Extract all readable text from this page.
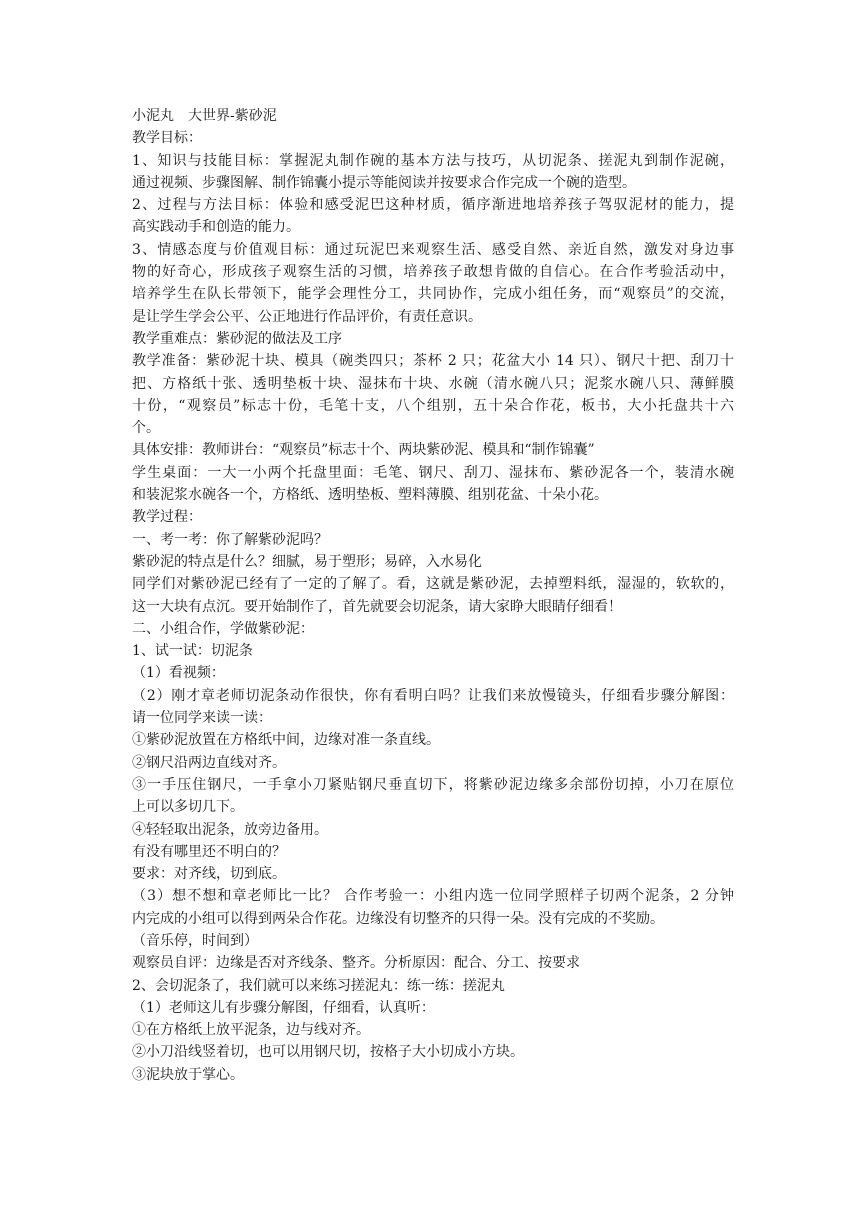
小泥丸 大世界-紫砂泥

教学目标：

1、知识与技能目标：掌握泥丸制作碗的基本方法与技巧，从切泥条、搓泥丸到制作泥碗，

通过视频、步骤图解、制作锦囊小提示等能阅读并按要求合作完成一个碗的造型。

2、过程与方法目标：体验和感受泥巴这种材质，循序渐进地培养孩子驾驭泥材的能力，提

高实践动手和创造的能力。

3、情感态度与价值观目标：通过玩泥巴来观察生活、感受自然、亲近自然，激发对身边事

物的好奇心，形成孩子观察生活的习惯，培养孩子敢想肯做的自信心。在合作考验活动中，

培养学生在队长带领下，能学会理性分工，共同协作，完成小组任务，而“观察员”的交流，

是让学生学会公平、公正地进行作品评价，有责任意识。

教学重难点：紫砂泥的做法及工序

教学准备：紫砂泥十块、模具（碗类四只；茶杯 2 只；花盆大小 14 只）、钢尺十把、刮刀十

把、方格纸十张、透明垫板十块、湿抹布十块、水碗（清水碗八只；泥浆水碗八只、薄鲜膜

十份，“观察员”标志十份，毛笔十支，八个组别，五十朵合作花，板书，大小托盘共十六

个。

具体安排：教师讲台：“观察员”标志十个、两块紫砂泥、模具和“制作锦囊”

学生桌面：一大一小两个托盘里面：毛笔、钢尺、刮刀、湿抹布、紫砂泥各一个，装清水碗

和装泥浆水碗各一个，方格纸、透明垫板、塑料薄膜、组别花盆、十朵小花。

教学过程：

一、考一考：你了解紫砂泥吗？

紫砂泥的特点是什么？细腻，易于塑形；易碎，入水易化

同学们对紫砂泥已经有了一定的了解了。看，这就是紫砂泥，去掉塑料纸，湿湿的，软软的，

这一大块有点沉。要开始制作了，首先就要会切泥条，请大家睁大眼睛仔细看！

二、小组合作，学做紫砂泥：

1、试一试：切泥条

（1）看视频：

（2）刚才章老师切泥条动作很快，你有看明白吗？让我们来放慢镜头，仔细看步骤分解图：

请一位同学来读一读：

①紫砂泥放置在方格纸中间，边缘对准一条直线。

②钢尺沿两边直线对齐。

③一手压住钢尺，一手拿小刀紧贴钢尺垂直切下，将紫砂泥边缘多余部份切掉，小刀在原位

上可以多切几下。

④轻轻取出泥条，放旁边备用。

有没有哪里还不明白的？

要求：对齐线，切到底。

（3）想不想和章老师比一比？ 合作考验一：小组内选一位同学照样子切两个泥条，2 分钟

内完成的小组可以得到两朵合作花。边缘没有切整齐的只得一朵。没有完成的不奖励。

（音乐停，时间到）

观察员自评：边缘是否对齐线条、整齐。分析原因：配合、分工、按要求

2、会切泥条了，我们就可以来练习搓泥丸：练一练：搓泥丸

（1）老师这儿有步骤分解图，仔细看，认真听：

①在方格纸上放平泥条，边与线对齐。

②小刀沿线竖着切，也可以用钢尺切，按格子大小切成小方块。

③泥块放于掌心。
